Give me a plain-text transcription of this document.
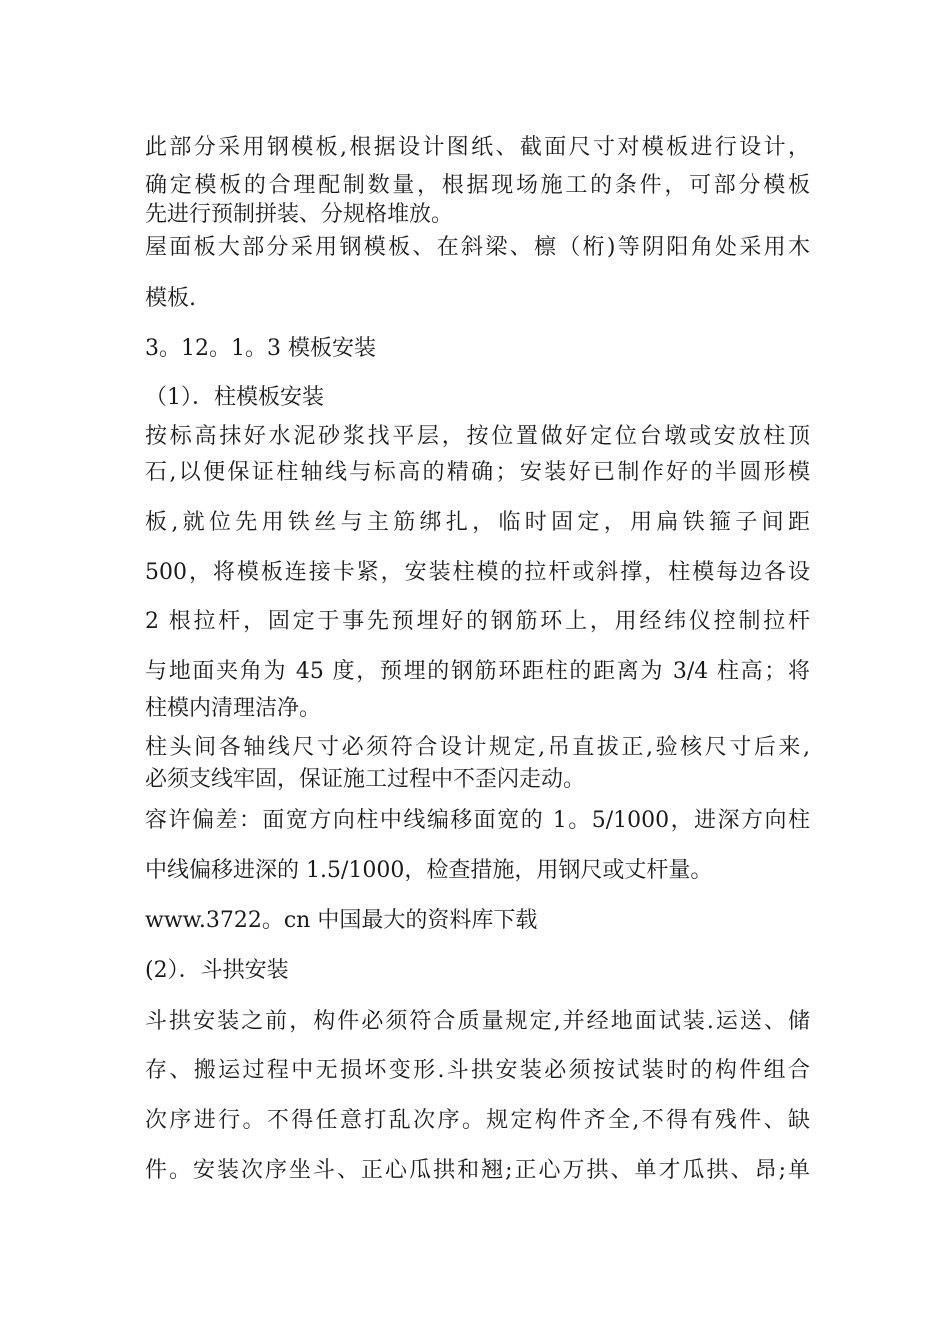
此部分采用钢模板,根据设计图纸、截面尺寸对模板进行设计，
确定模板的合理配制数量，根据现场施工的条件，可部分模板
先进行预制拼装、分规格堆放。
屋面板大部分采用钢模板、在斜梁、檩（桁)等阴阳角处采用木
模板.
3。12。1。3 模板安装
（1）．柱模板安装
按标高抹好水泥砂浆找平层，按位置做好定位台墩或安放柱顶
石,以便保证柱轴线与标高的精确；安装好已制作好的半圆形模
板,就位先用铁丝与主筋绑扎，临时固定，用扁铁箍子间距
500，将模板连接卡紧，安装柱模的拉杆或斜撑，柱模每边各设
2 根拉杆，固定于事先预埋好的钢筋环上，用经纬仪控制拉杆
与地面夹角为 45 度，预埋的钢筋环距柱的距离为 3/4 柱高；将
柱模内清理洁净。
柱头间各轴线尺寸必须符合设计规定,吊直拔正,验核尺寸后来,
必须支线牢固，保证施工过程中不歪闪走动。
容许偏差：面宽方向柱中线编移面宽的 1。5/1000，进深方向柱
中线偏移进深的 1.5/1000，检查措施，用钢尺或丈杆量。
www.3722。cn 中国最大的资料库下载
(2）．斗拱安装
斗拱安装之前，构件必须符合质量规定,并经地面试装.运送、储
存、搬运过程中无损坏变形.斗拱安装必须按试装时的构件组合
次序进行。不得任意打乱次序。规定构件齐全,不得有残件、缺
件。安装次序坐斗、正心瓜拱和翘;正心万拱、单才瓜拱、昂;单
